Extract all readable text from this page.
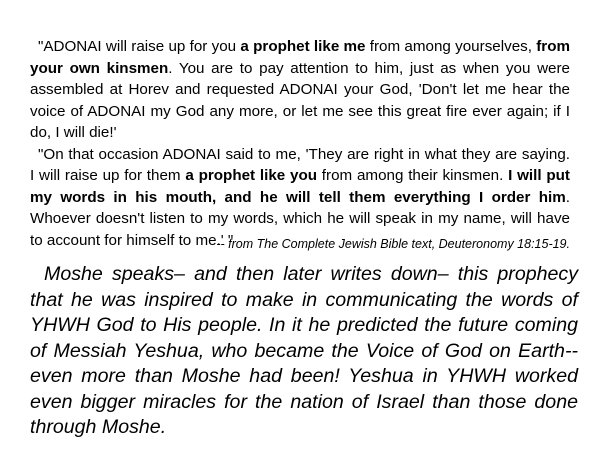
"ADONAI will raise up for you a prophet like me from among yourselves, from your own kinsmen. You are to pay attention to him, just as when you were assembled at Horev and requested ADONAI your God, 'Don't let me hear the voice of ADONAI my God any more, or let me see this great fire ever again; if I do, I will die!'

"On that occasion ADONAI said to me, 'They are right in what they are saying. I will raise up for them a prophet like you from among their kinsmen. I will put my words in his mouth, and he will tell them everything I order him. Whoever doesn't listen to my words, which he will speak in my name, will have to account for himself to me.' "

-- from The Complete Jewish Bible text, Deuteronomy 18:15-19.

Moshe speaks– and then later writes down– this prophecy that he was inspired to make in communicating the words of YHWH God to His people. In it he predicted the future coming of Messiah Yeshua, who became the Voice of God on Earth-- even more than Moshe had been! Yeshua in YHWH worked even bigger miracles for the nation of Israel than those done through Moshe.
